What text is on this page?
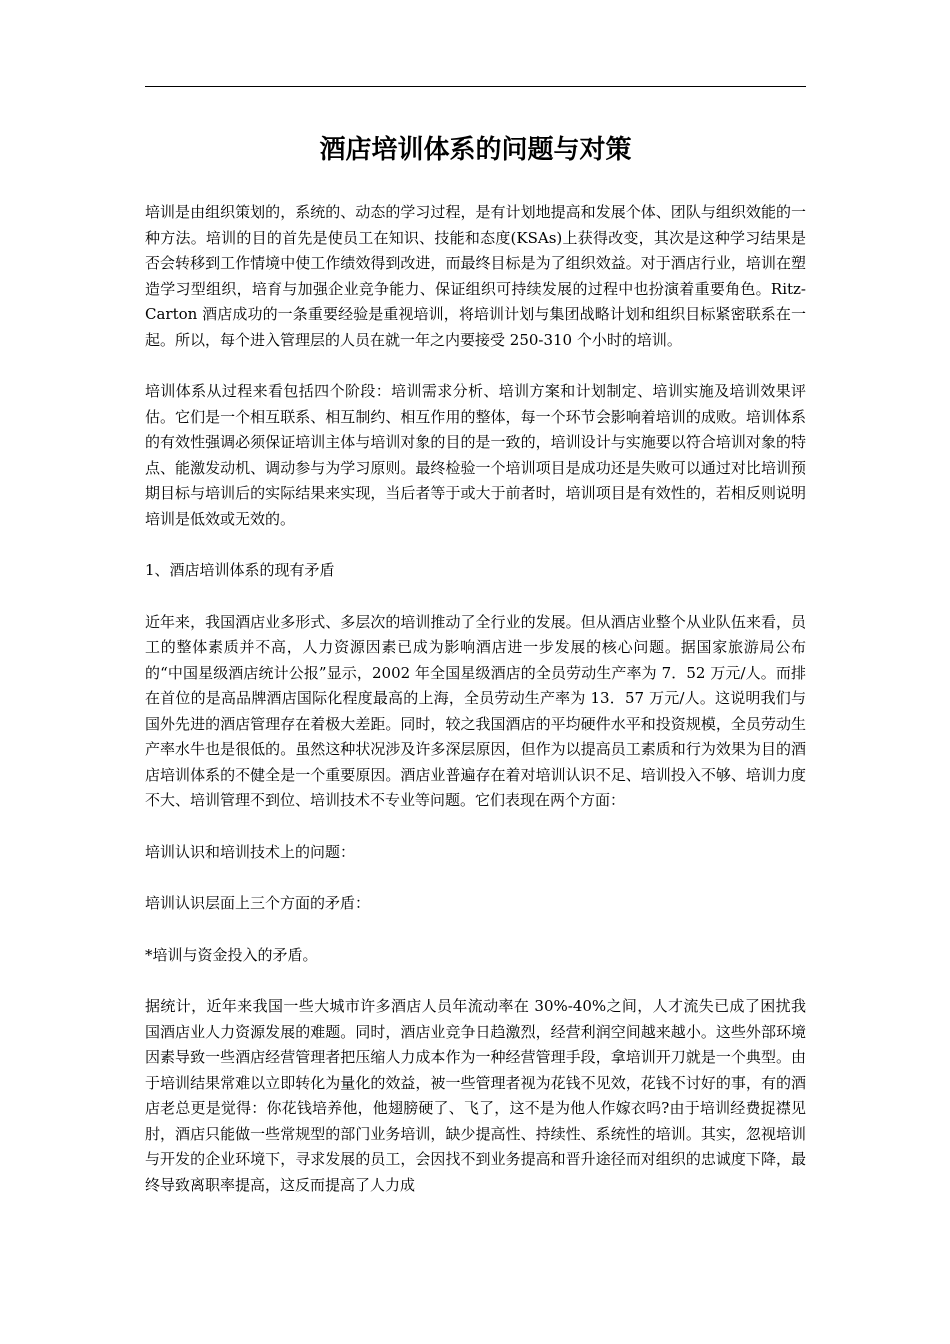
酒店培训体系的问题与对策

培训是由组织策划的，系统的、动态的学习过程，是有计划地提高和发展个体、团队与组织效能的一种方法。培训的目的首先是使员工在知识、技能和态度(KSAs)上获得改变，其次是这种学习结果是否会转移到工作情境中使工作绩效得到改进，而最终目标是为了组织效益。对于酒店行业，培训在塑造学习型组织，培育与加强企业竞争能力、保证组织可持续发展的过程中也扮演着重要角色。Ritz-Carton 酒店成功的一条重要经验是重视培训，将培训计划与集团战略计划和组织目标紧密联系在一起。所以，每个进入管理层的人员在就一年之内要接受 250-310 个小时的培训。

培训体系从过程来看包括四个阶段：培训需求分析、培训方案和计划制定、培训实施及培训效果评估。它们是一个相互联系、相互制约、相互作用的整体，每一个环节会影响着培训的成败。培训体系的有效性强调必须保证培训主体与培训对象的目的是一致的，培训设计与实施要以符合培训对象的特点、能激发动机、调动参与为学习原则。最终检验一个培训项目是成功还是失败可以通过对比培训预期目标与培训后的实际结果来实现，当后者等于或大于前者时，培训项目是有效性的，若相反则说明培训是低效或无效的。

1、酒店培训体系的现有矛盾

近年来，我国酒店业多形式、多层次的培训推动了全行业的发展。但从酒店业整个从业队伍来看，员工的整体素质并不高，人力资源因素已成为影响酒店进一步发展的核心问题。据国家旅游局公布的“中国星级酒店统计公报”显示，2002 年全国星级酒店的全员劳动生产率为 7．52 万元/人。而排在首位的是高品牌酒店国际化程度最高的上海，全员劳动生产率为 13．57 万元/人。这说明我们与国外先进的酒店管理存在着极大差距。同时，较之我国酒店的平均硬件水平和投资规模，全员劳动生产率水牛也是很低的。虽然这种状况涉及许多深层原因，但作为以提高员工素质和行为效果为目的酒店培训体系的不健全是一个重要原因。酒店业普遍存在着对培训认识不足、培训投入不够、培训力度不大、培训管理不到位、培训技术不专业等问题。它们表现在两个方面：

培训认识和培训技术上的问题：

培训认识层面上三个方面的矛盾：

*培训与资金投入的矛盾。

据统计，近年来我国一些大城市许多酒店人员年流动率在 30%-40%之间，人才流失已成了困扰我国酒店业人力资源发展的难题。同时，酒店业竞争日趋激烈，经营利润空间越来越小。这些外部环境因素导致一些酒店经营管理者把压缩人力成本作为一种经营管理手段，拿培训开刀就是一个典型。由于培训结果常难以立即转化为量化的效益，被一些管理者视为花钱不见效，花钱不讨好的事，有的酒店老总更是觉得：你花钱培养他，他翅膀硬了、飞了，这不是为他人作嫁衣吗?由于培训经费捉襟见肘，酒店只能做一些常规型的部门业务培训，缺少提高性、持续性、系统性的培训。其实，忽视培训与开发的企业环境下，寻求发展的员工，会因找不到业务提高和晋升途径而对组织的忠诚度下降，最终导致离职率提高，这反而提高了人力成
